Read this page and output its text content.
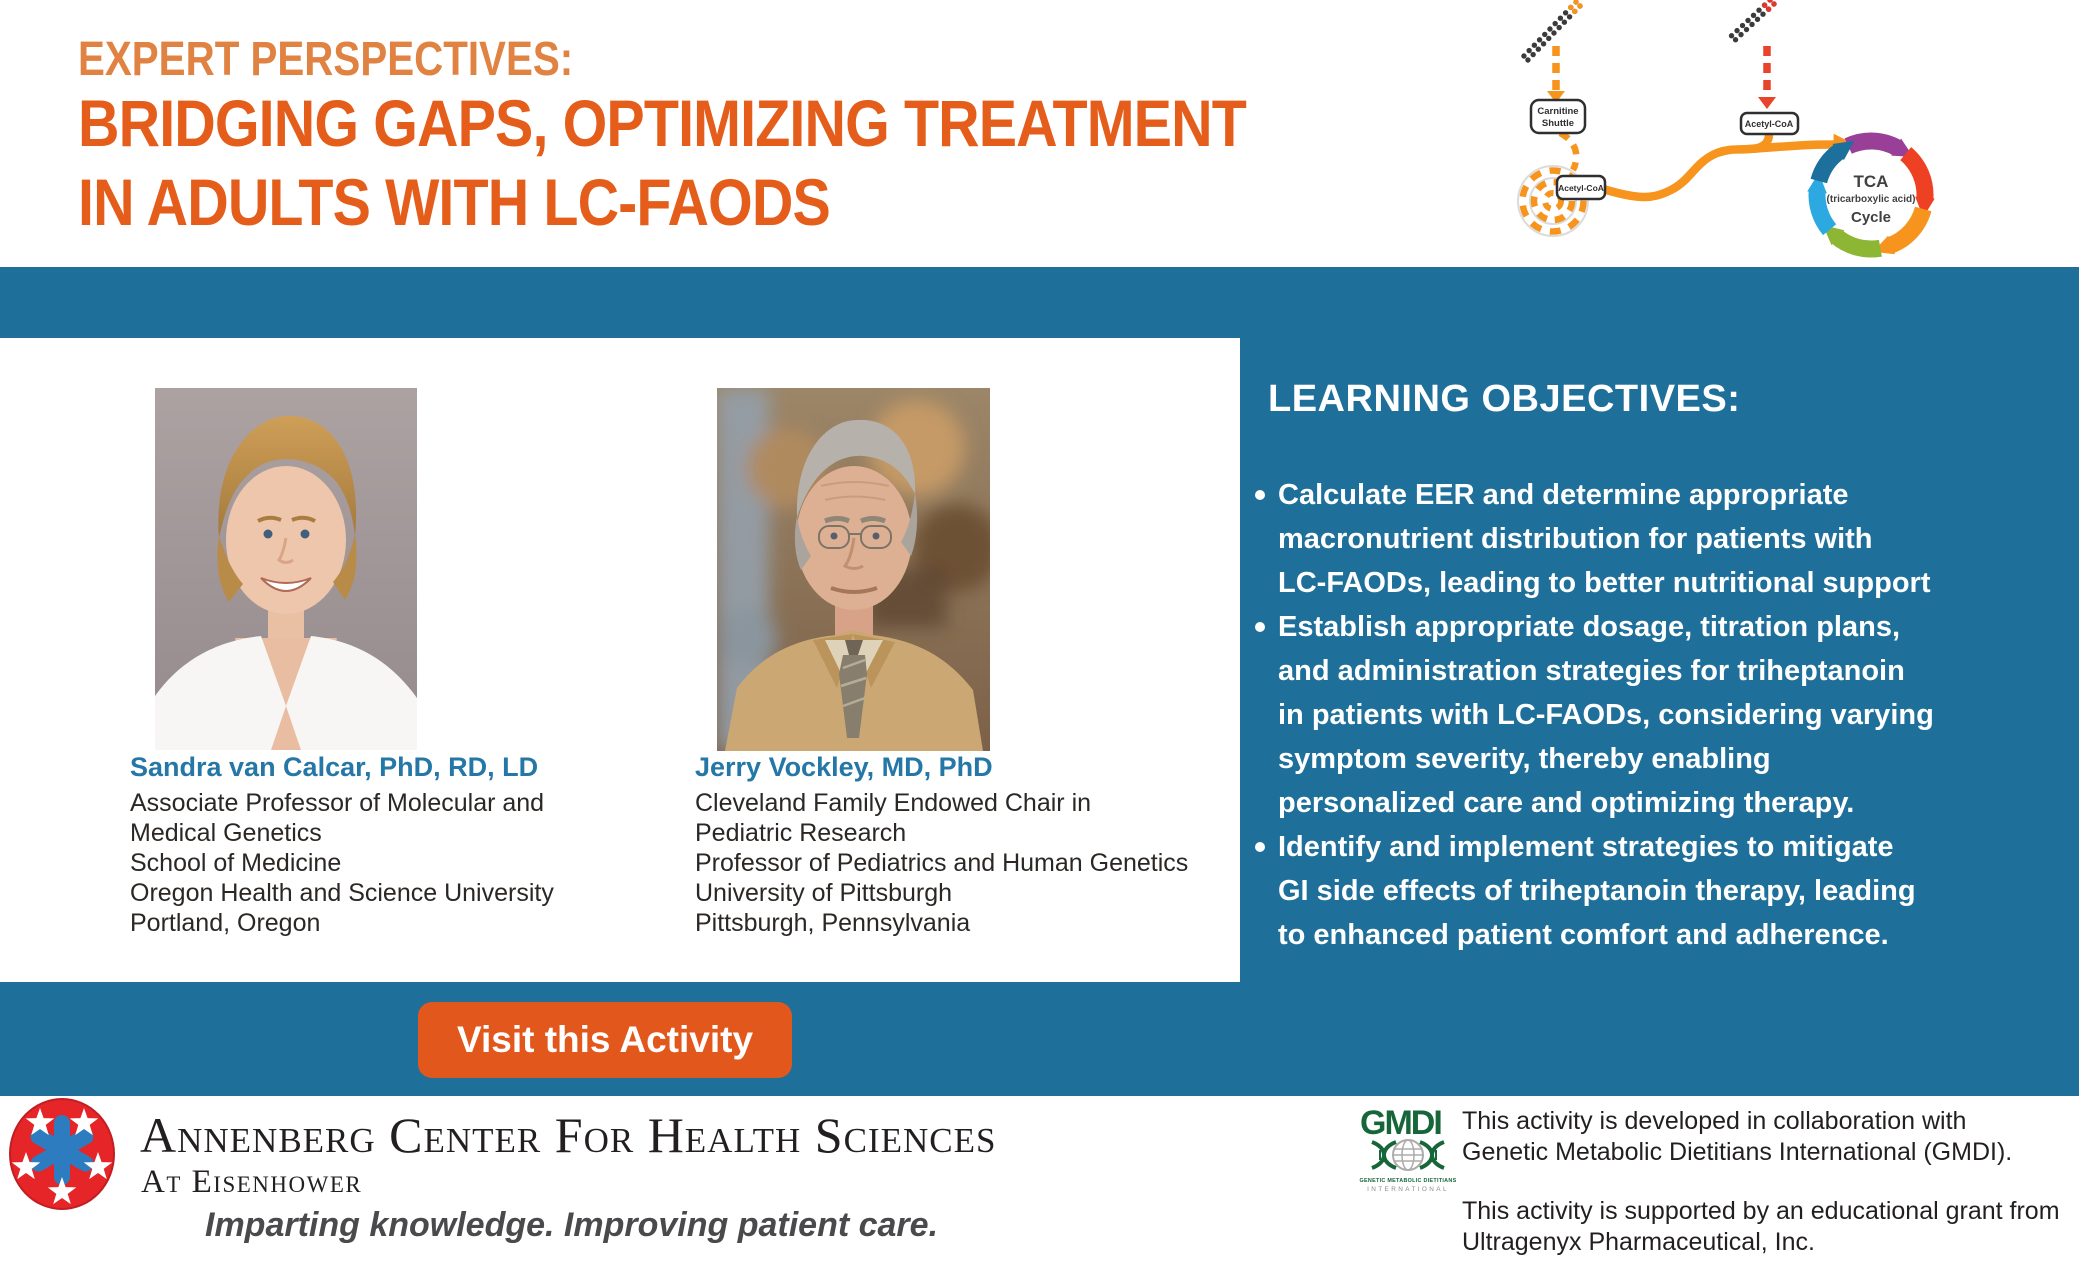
EXPERT PERSPECTIVES:
BRIDGING GAPS, OPTIMIZING TREATMENT
IN ADULTS WITH LC-FAODS
Carnitine
Shuttle
Acetyl-CoA
Acetyl-CoA
TCA
(tricarboxylic acid)
Cycle
Sandra van Calcar, PhD, RD, LD
Associate Professor of Molecular and
Medical Genetics
School of Medicine
Oregon Health and Science University
Portland, Oregon
Jerry Vockley, MD, PhD
Cleveland Family Endowed Chair in
Pediatric Research
Professor of Pediatrics and Human Genetics
University of Pittsburgh
Pittsburgh, Pennsylvania
LEARNING OBJECTIVES:
Calculate EER and determine appropriate
macronutrient distribution for patients with
LC-FAODs, leading to better nutritional support
Establish appropriate dosage, titration plans,
and administration strategies for triheptanoin
in patients with LC-FAODs, considering varying
symptom severity, thereby enabling
personalized care and optimizing therapy.
Identify and implement strategies to mitigate
GI side effects of triheptanoin therapy, leading
to enhanced patient comfort and adherence.
Visit this Activity
Annenberg Center For Health Sciences
At Eisenhower
Imparting knowledge. Improving patient care.
GMDI
GENETIC METABOLIC DIETITIANS
INTERNATIONAL
This activity is developed in collaboration with
Genetic Metabolic Dietitians International (GMDI).
This activity is supported by an educational grant from
Ultragenyx Pharmaceutical, Inc.
